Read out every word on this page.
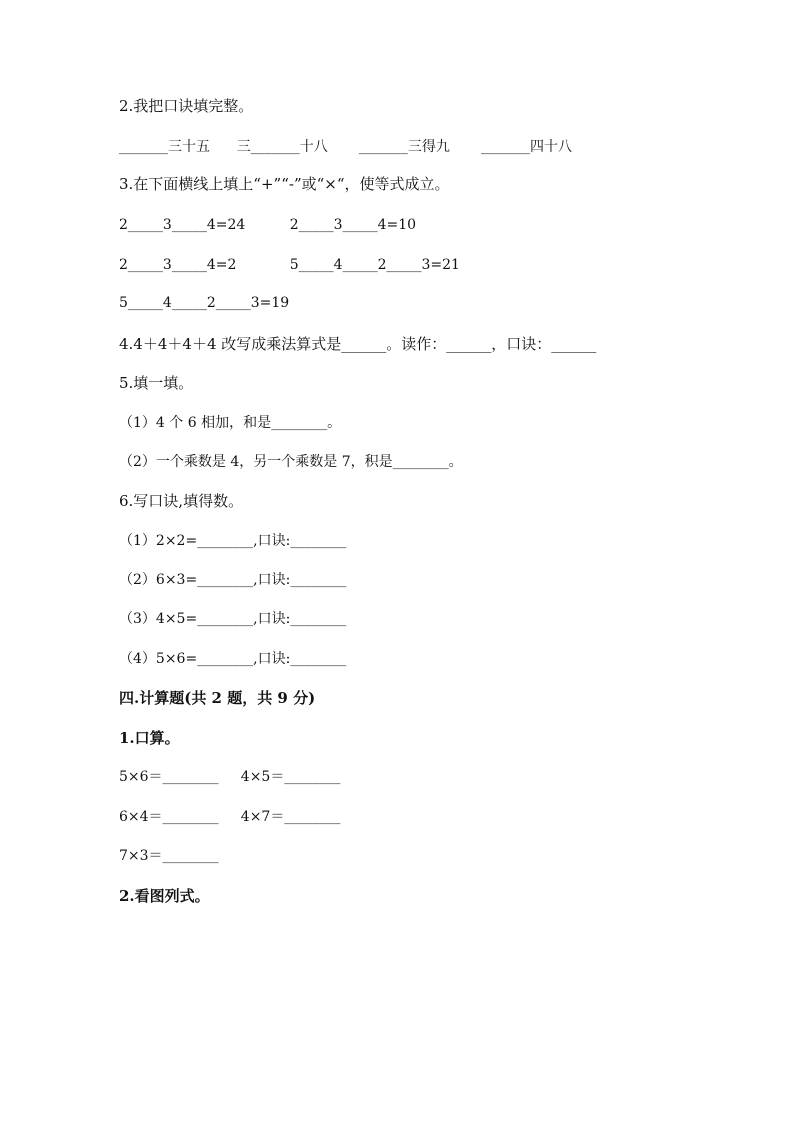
2.我把口诀填完整。
_______三十五      三_______十八       _______三得九       _______四十八
3.在下面横线上填上“+”“-”或“×“，使等式成立。
2_____3_____4=24          2_____3_____4=10
2_____3_____4=2            5_____4_____2_____3=21
5_____4_____2_____3=19
4.4＋4＋4＋4 改写成乘法算式是______。读作：______，口诀：______
5.填一填。
（1）4 个 6 相加，和是________。
（2）一个乘数是 4，另一个乘数是 7，积是________。
6.写口诀,填得数。
（1）2×2=________,口诀:________
（2）6×3=________,口诀:________
（3）4×5=________,口诀:________
（4）5×6=________,口诀:________
四.计算题(共 2 题，共 9 分)
1.口算。
5×6＝________     4×5＝________
6×4＝________     4×7＝________
7×3＝________
2.看图列式。
